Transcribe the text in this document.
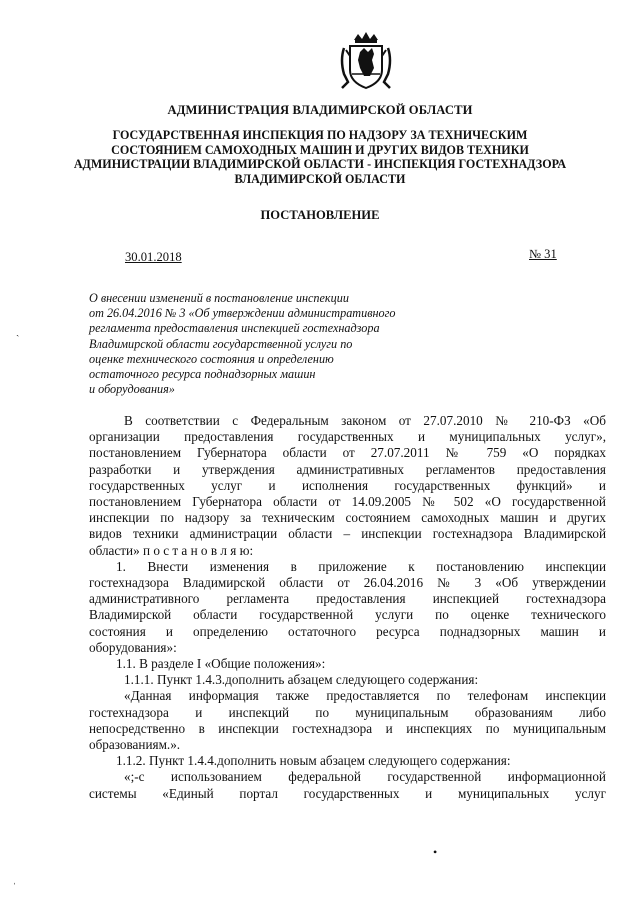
АДМИНИСТРАЦИЯ ВЛАДИМИРСКОЙ ОБЛАСТИ
ГОСУДАРСТВЕННАЯ ИНСПЕКЦИЯ ПО НАДЗОРУ ЗА ТЕХНИЧЕСКИМ
СОСТОЯНИЕМ САМОХОДНЫХ МАШИН И ДРУГИХ ВИДОВ ТЕХНИКИ
АДМИНИСТРАЦИИ ВЛАДИМИРСКОЙ ОБЛАСТИ - ИНСПЕКЦИЯ ГОСТЕХНАДЗОРА
ВЛАДИМИРСКОЙ ОБЛАСТИ
ПОСТАНОВЛЕНИЕ
30.01.2018	№ 31
О внесении изменений в постановление инспекции
от 26.04.2016 № 3 «Об утверждении административного
регламента предоставления инспекцией гостехнадзора
Владимирской области государственной услуги по
оценке технического состояния и определению
остаточного ресурса поднадзорных машин
и оборудования»
В соответствии с Федеральным законом от 27.07.2010 № 210-ФЗ «Об
организации предоставления государственных и муниципальных услуг»,
постановлением Губернатора области от 27.07.2011 № 759 «О порядках
разработки и утверждения административных регламентов предоставления
государственных услуг и исполнения государственных функций» и
постановлением Губернатора области от 14.09.2005 № 502 «О государственной
инспекции по надзору за техническим состоянием самоходных машин и других
видов техники администрации области – инспекции гостехнадзора Владимирской
области» п о с т а н о в л я ю:
1. Внести изменения в приложение к постановлению инспекции
гостехнадзора Владимирской области от 26.04.2016 № 3 «Об утверждении
административного регламента предоставления инспекцией гостехнадзора
Владимирской области государственной услуги по оценке технического
состояния и определению остаточного ресурса поднадзорных машин и
оборудования»:
1.1. В разделе I «Общие положения»:
1.1.1. Пункт 1.4.3.дополнить абзацем следующего содержания:
«Данная информация также предоставляется по телефонам инспекции
гостехнадзора и инспекций по муниципальным образованиям либо
непосредственно в инспекции гостехнадзора и инспекциях по муниципальным
образованиям.».
1.1.2. Пункт 1.4.4.дополнить новым абзацем следующего содержания:
«;-с использованием федеральной государственной информационной
системы «Единый портал государственных и муниципальных услуг
•
ˈ
ˎ
